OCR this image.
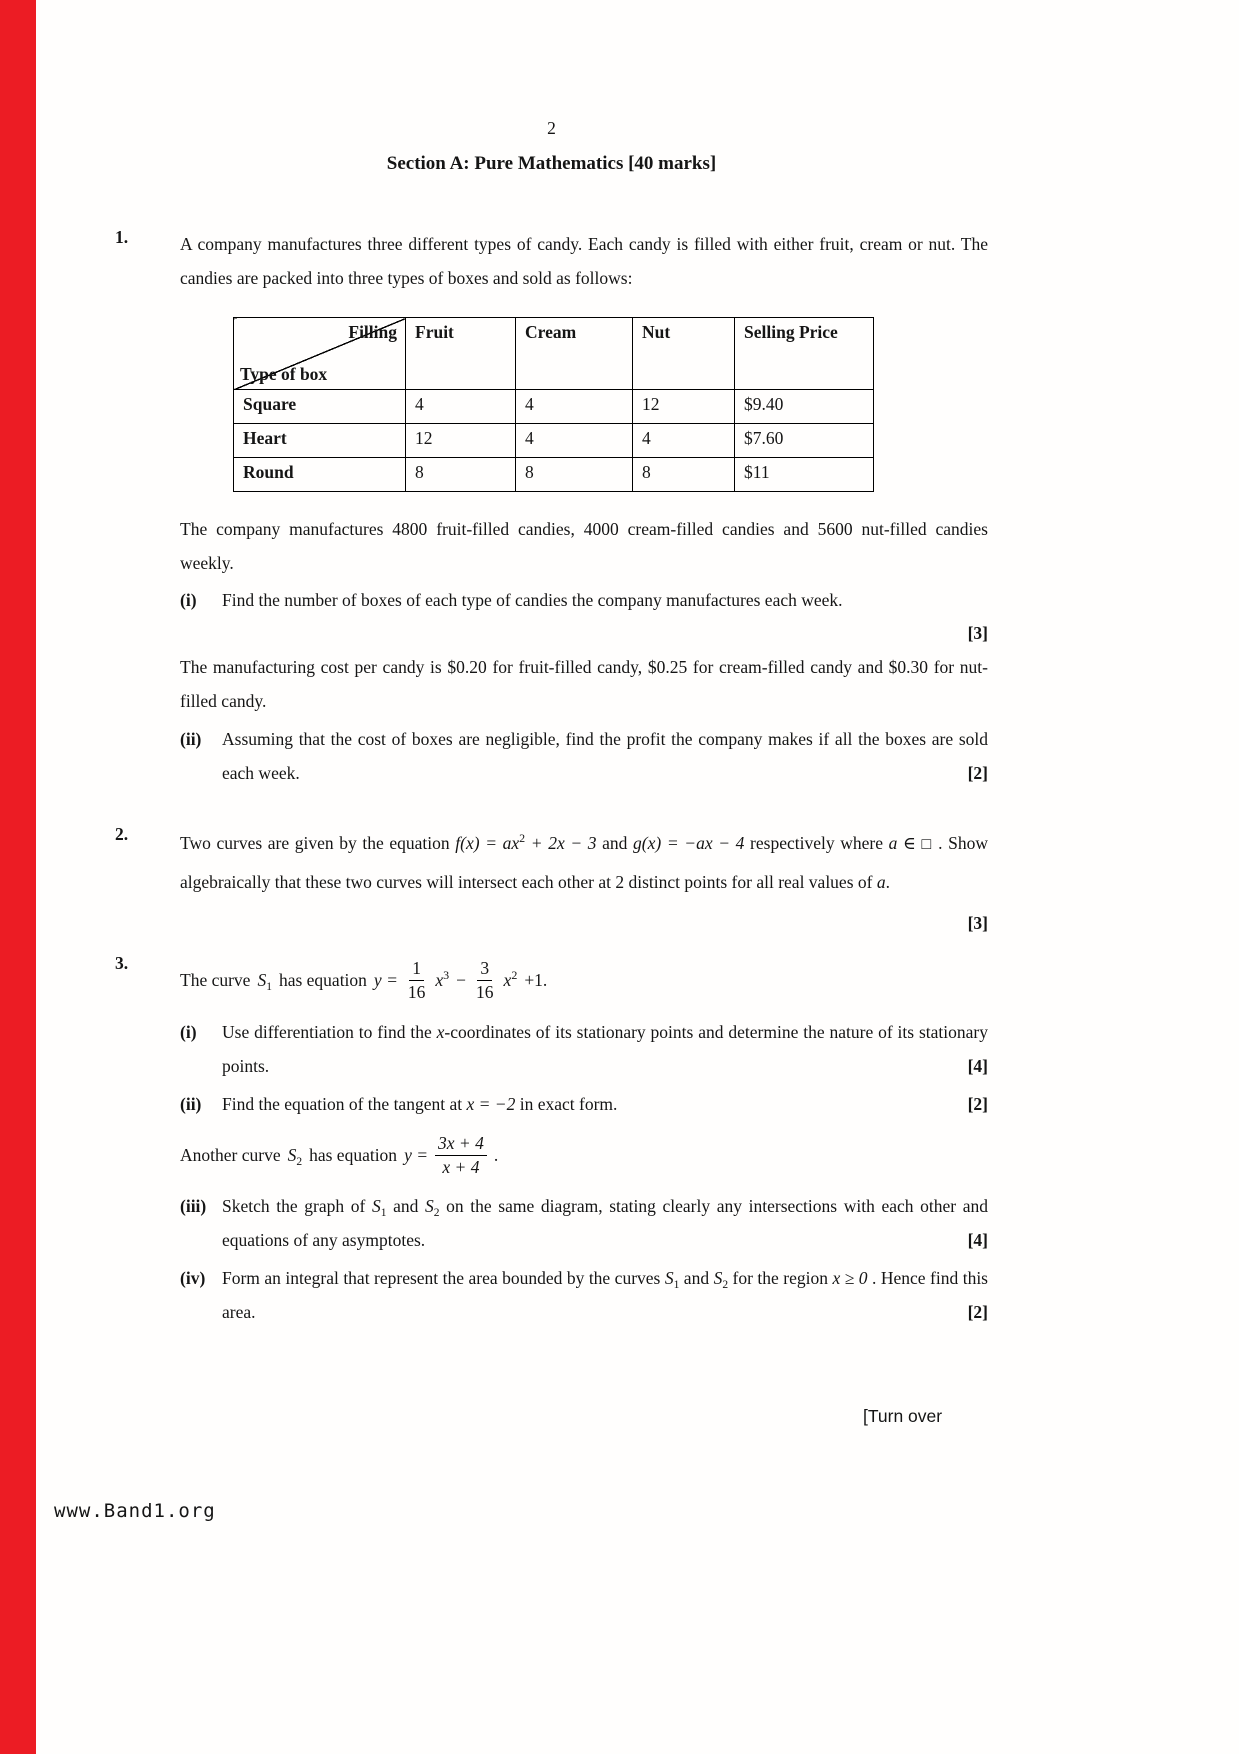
2
Section A: Pure Mathematics [40 marks]
1.	A company manufactures three different types of candy. Each candy is filled with either fruit, cream or nut. The candies are packed into three types of boxes and sold as follows:

Filling
Type of box	Fruit	Cream	Nut	Selling Price
Square	4	4	12	$9.40
Heart	12	4	4	$7.60
Round	8	8	8	$11

The company manufactures 4800 fruit-filled candies, 4000 cream-filled candies and 5600 nut-filled candies weekly.

(i) Find the number of boxes of each type of candies the company manufactures each week.
[3]

The manufacturing cost per candy is $0.20 for fruit-filled candy, $0.25 for cream-filled candy and $0.30 for nut-filled candy.

(ii) Assuming that the cost of boxes are negligible, find the profit the company makes if all the boxes are sold each week.	[2]
2.	Two curves are given by the equation $f(x) = ax^2 + 2x - 3$ and g(x) = −ax − 4 respectively where a ∈ □ . Show algebraically that these two curves will intersect each other at 2 distinct points for all real values of a.

[3]
3.
The curve $S_1$ has equation $y = \frac{1}{16} x^3 - \frac{3}{16} x^2 +1$.
(i) Use differentiation to find the x-coordinates of its stationary points and determine the nature of its stationary points.	[4]
(ii) Find the equation of the tangent at x = −2 in exact form.	[2]
Another curve $S_2$ has equation $y = \frac{3x + 4}{x + 4}$ .
(iii) Sketch the graph of $S_1$ and $S_2$ on the same diagram, stating clearly any intersections with each other and equations of any asymptotes.	[4]
(iv) Form an integral that represent the area bounded by the curves $S_1$ and $S_2$ for the region x ≥ 0 . Hence find this area.	[2]
[Turn over
www.Band1.org
